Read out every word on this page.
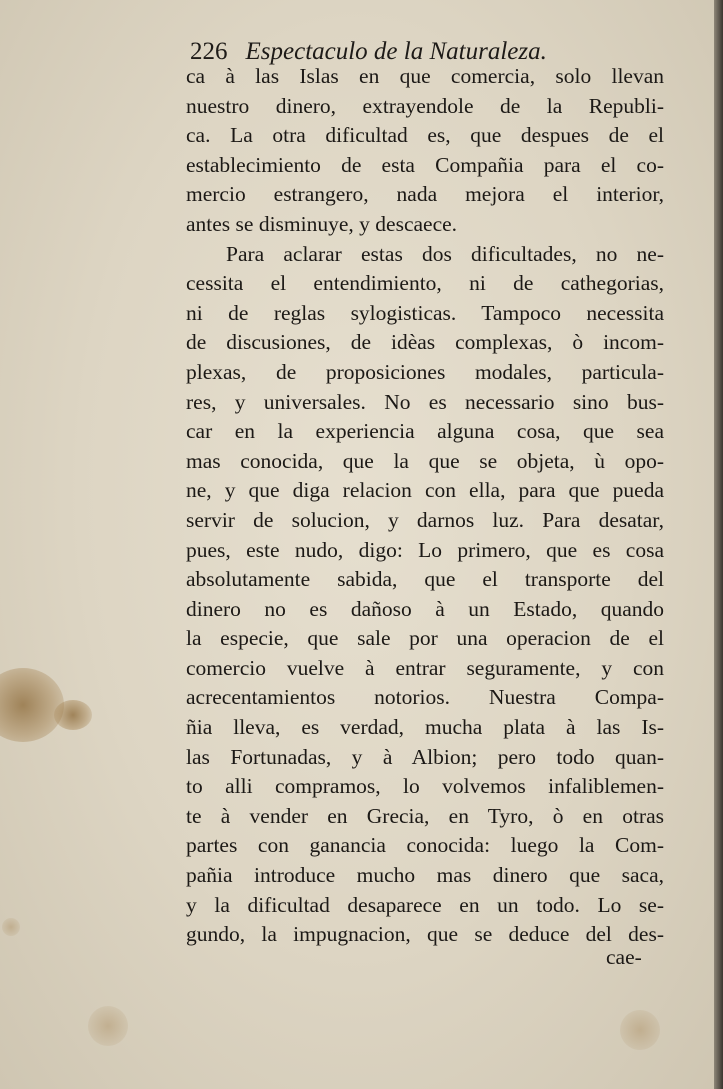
226 Espectaculo de la Naturaleza.
ca à las Islas en que comercia, solo llevan
nuestro dinero, extrayendole de la Republi-
ca. La otra dificultad es, que despues de el
establecimiento de esta Compañia para el co-
mercio estrangero, nada mejora el interior,
antes se disminuye, y descaece.
Para aclarar estas dos dificultades, no ne-
cessita el entendimiento, ni de cathegorias,
ni de reglas sylogisticas. Tampoco necessita
de discusiones, de idèas complexas, ò incom-
plexas, de proposiciones modales, particula-
res, y universales. No es necessario sino bus-
car en la experiencia alguna cosa, que sea
mas conocida, que la que se objeta, ù opo-
ne, y que diga relacion con ella, para que pueda
servir de solucion, y darnos luz. Para desatar,
pues, este nudo, digo: Lo primero, que es cosa
absolutamente sabida, que el transporte del
dinero no es dañoso à un Estado, quando
la especie, que sale por una operacion de el
comercio vuelve à entrar seguramente, y con
acrecentamientos notorios. Nuestra Compa-
ñia lleva, es verdad, mucha plata à las Is-
las Fortunadas, y à Albion; pero todo quan-
to alli compramos, lo volvemos infaliblemen-
te à vender en Grecia, en Tyro, ò en otras
partes con ganancia conocida: luego la Com-
pañia introduce mucho mas dinero que saca,
y la dificultad desaparece en un todo. Lo se-
gundo, la impugnacion, que se deduce del des-
cae-
